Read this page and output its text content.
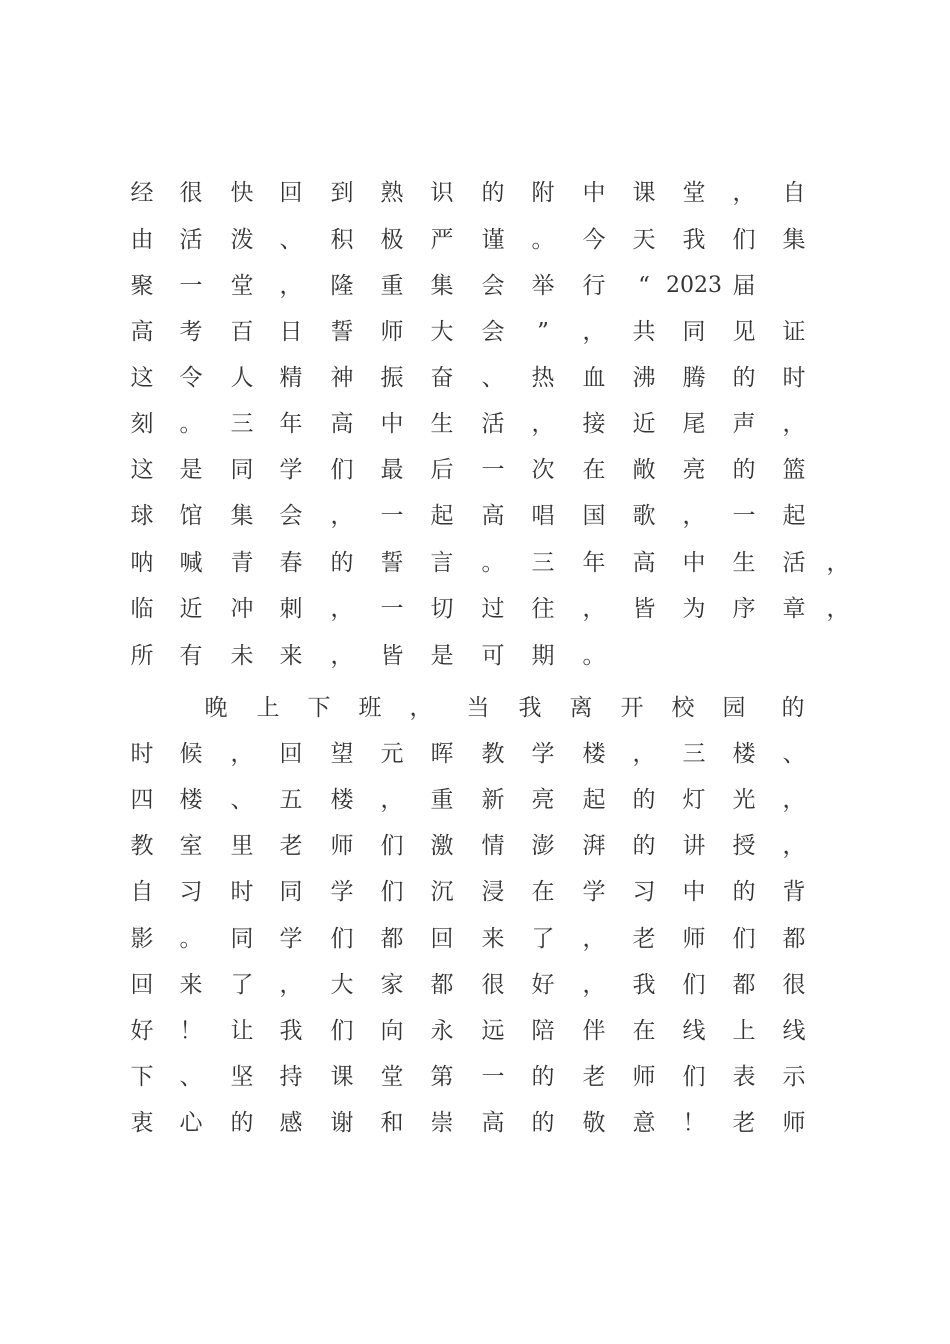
经	很	快	回	到	熟	识	的	附	中	课	堂	，	自
由	活	泼	、	积	极	严	谨	。	今	天	我	们	集
聚	一	堂	，	隆	重	集	会	举	行	“ 2023 届
高	考	百	日	誓	师	大	会	”	，	共	同	见	证
这	令	人	精	神	振	奋	、	热	血	沸	腾	的	时
刻	。	三	年	高	中	生	活	，	接	近	尾	声	，
这	是	同	学	们	最	后	一	次	在	敞	亮	的	篮
球	馆	集	会	，	一	起	高	唱	国	歌	，	一	起
呐	喊	青	春	的	誓	言	。	三	年	高	中	生	活 ，
临	近	冲	刺	，	一	切	过	往	，	皆	为	序	章 ，
所	有	未	来	，	皆	是	可	期	。
晚	上	下	班	，	当	我	离	开	校	园	的
时	候	，	回	望	元	晖	教	学	楼	，	三	楼	、
四	楼	、	五	楼	，	重	新	亮	起	的	灯	光	，
教	室	里	老	师	们	激	情	澎	湃	的	讲	授	，
自	习	时	同	学	们	沉	浸	在	学	习	中	的	背
影	。	同	学	们	都	回	来	了	，	老	师	们	都
回	来	了	，	大	家	都	很	好	，	我	们	都	很
好	！	让	我	们	向	永	远	陪	伴	在	线	上	线
下	、	坚	持	课	堂	第	一	的	老	师	们	表	示
衷	心	的	感	谢	和	崇	高	的	敬	意	！	老	师
